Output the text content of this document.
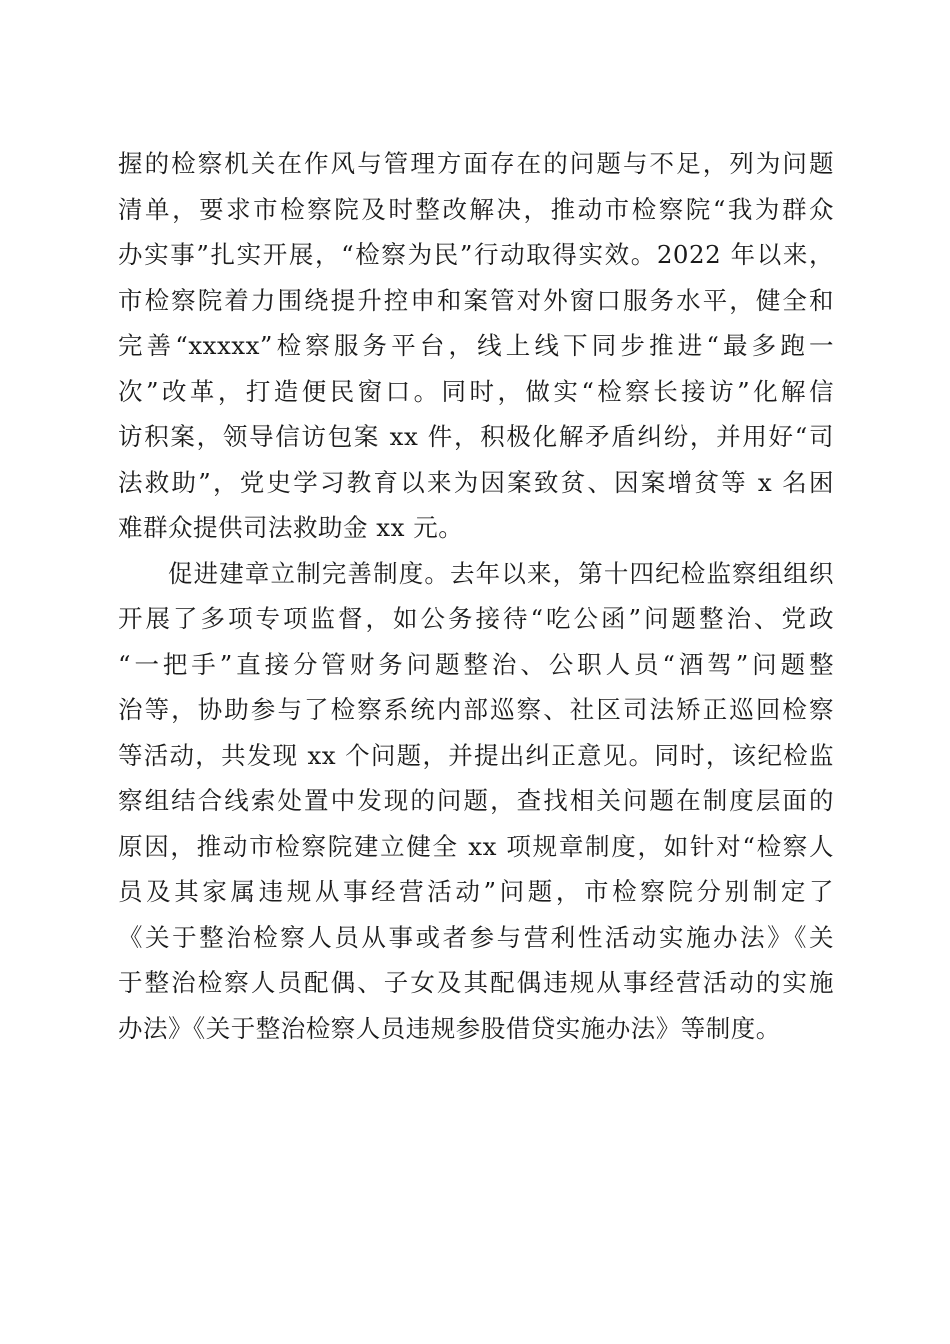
握的检察机关在作风与管理方面存在的问题与不足，列为问题
清单，要求市检察院及时整改解决，推动市检察院“我为群众
办实事”扎实开展，“检察为民”行动取得实效。2022 年以来，
市检察院着力围绕提升控申和案管对外窗口服务水平，健全和
完善“xxxxx”检察服务平台，线上线下同步推进“最多跑一
次”改革，打造便民窗口。同时，做实“检察长接访”化解信
访积案，领导信访包案 xx 件，积极化解矛盾纠纷，并用好“司
法救助”，党史学习教育以来为因案致贫、因案增贫等 x 名困
难群众提供司法救助金 xx 元。
促进建章立制完善制度。去年以来，第十四纪检监察组组织
开展了多项专项监督，如公务接待“吃公函”问题整治、党政
“一把手”直接分管财务问题整治、公职人员“酒驾”问题整
治等，协助参与了检察系统内部巡察、社区司法矫正巡回检察
等活动，共发现 xx 个问题，并提出纠正意见。同时，该纪检监
察组结合线索处置中发现的问题，查找相关问题在制度层面的
原因，推动市检察院建立健全 xx 项规章制度，如针对“检察人
员及其家属违规从事经营活动”问题，市检察院分别制定了
《关于整治检察人员从事或者参与营利性活动实施办法》《关
于整治检察人员配偶、子女及其配偶违规从事经营活动的实施
办法》《关于整治检察人员违规参股借贷实施办法》等制度。
